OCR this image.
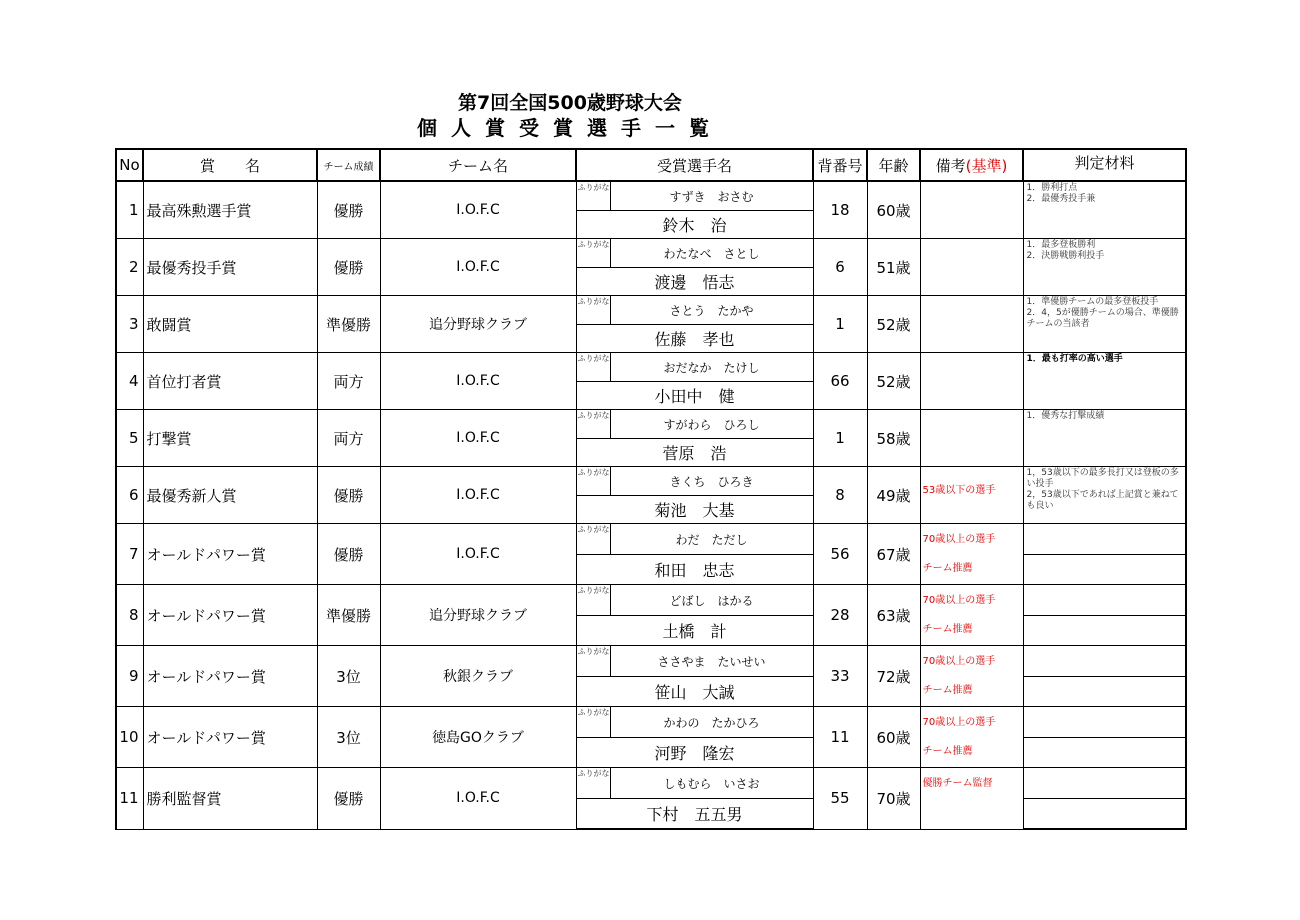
第7回全国500歳野球大会
個人賞受賞選手一覧
No	賞　　名	チーム成績	チーム名	受賞選手名		背番号	年齢	備考(基準)	判定材料
1	最高殊勲選手賞	優勝	I.O.F.C	ふりがな	すずき　おさむ	18	60歳		1．勝利打点
2．最優秀投手兼
				鈴木　治					
2	最優秀投手賞	優勝	I.O.F.C	ふりがな	わたなべ　さとし	6	51歳		1．最多登板勝利
2．決勝戦勝利投手
				渡邊　悟志					
3	敢闘賞	準優勝	追分野球クラブ	ふりがな	さとう　たかや	1	52歳		1．準優勝チームの最多登板投手
2．4，5が優勝チームの場合、準優勝チームの当該者
				佐藤　孝也					
4	首位打者賞	両方	I.O.F.C	ふりがな	おだなか　たけし	66	52歳		1．最も打率の高い選手
				小田中　健					
5	打撃賞	両方	I.O.F.C	ふりがな	すがわら　ひろし	1	58歳		1．優秀な打撃成績
				菅原　浩					
6	最優秀新人賞	優勝	I.O.F.C	ふりがな	きくち　ひろき	8	49歳	53歳以下の選手	1，53歳以下の最多長打又は登板の多い投手
2，53歳以下であれば上記賞と兼ねても良い
				菊池　大基					
7	オールドパワー賞	優勝	I.O.F.C	ふりがな	わだ　ただし	56	67歳	70歳以上の選手
チーム推薦	

				和田　忠志					
8	オールドパワー賞	準優勝	追分野球クラブ	ふりがな	どばし　はかる	28	63歳	70歳以上の選手
チーム推薦	

				土橋　計					
9	オールドパワー賞	3位	秋銀クラブ	ふりがな	ささやま　たいせい	33	72歳	70歳以上の選手
チーム推薦	

				笹山　大誠					
10	オールドパワー賞	3位	徳島GOクラブ	ふりがな	かわの　たかひろ	11	60歳	70歳以上の選手
チーム推薦	

				河野　隆宏					
11	勝利監督賞	優勝	I.O.F.C	ふりがな	しもむら　いさお	55	70歳	優勝チーム監督

				下村　五五男					
